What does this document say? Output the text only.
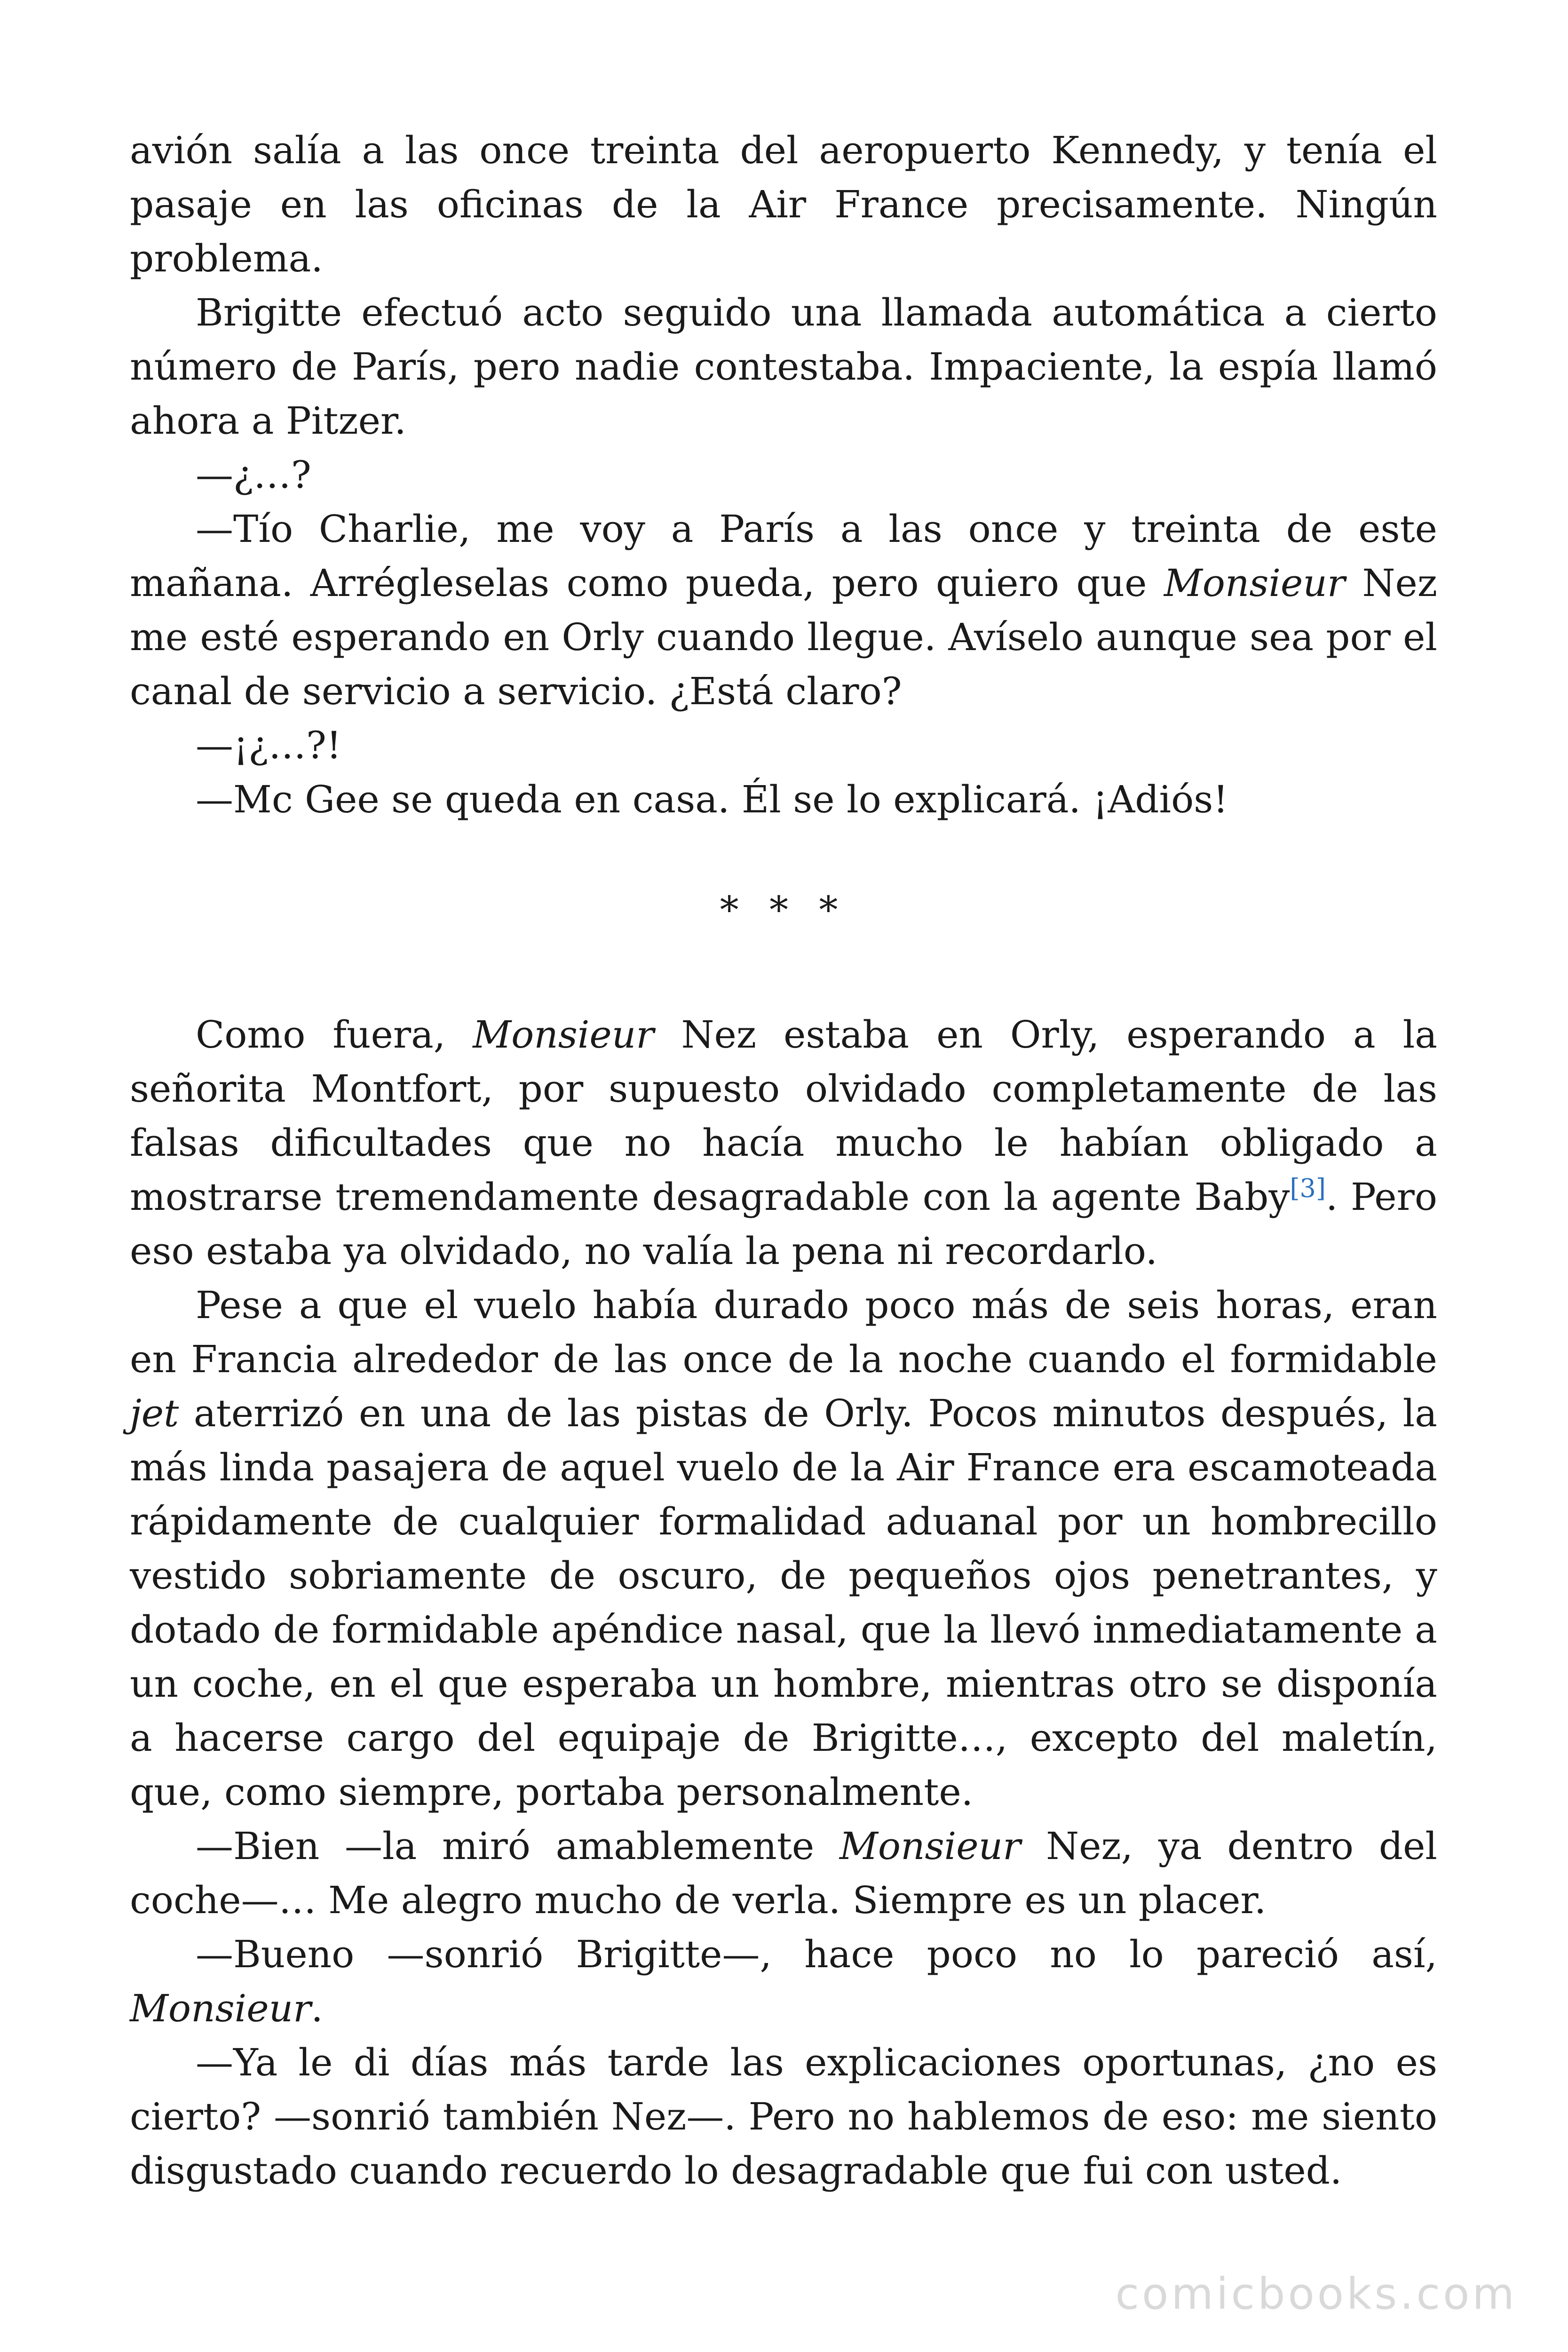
avión salía a las once treinta del aeropuerto Kennedy, y tenía el pasaje en las oficinas de la Air France precisamente. Ningún problema.

Brigitte efectuó acto seguido una llamada automática a cierto número de París, pero nadie contestaba. Impaciente, la espía llamó ahora a Pitzer.

—¿…?

—Tío Charlie, me voy a París a las once y treinta de este mañana. Arrégleselas como pueda, pero quiero que Monsieur Nez me esté esperando en Orly cuando llegue. Avíselo aunque sea por el canal de servicio a servicio. ¿Está claro?

—¡¿…?!

—Mc Gee se queda en casa. Él se lo explicará. ¡Adiós!

* * *

Como fuera, Monsieur Nez estaba en Orly, esperando a la señorita Montfort, por supuesto olvidado completamente de las falsas dificultades que no hacía mucho le habían obligado a mostrarse tremendamente desagradable con la agente Baby[3]. Pero eso estaba ya olvidado, no valía la pena ni recordarlo.

Pese a que el vuelo había durado poco más de seis horas, eran en Francia alrededor de las once de la noche cuando el formidable jet aterrizó en una de las pistas de Orly. Pocos minutos después, la más linda pasajera de aquel vuelo de la Air France era escamoteada rápidamente de cualquier formalidad aduanal por un hombrecillo vestido sobriamente de oscuro, de pequeños ojos penetrantes, y dotado de formidable apéndice nasal, que la llevó inmediatamente a un coche, en el que esperaba un hombre, mientras otro se disponía a hacerse cargo del equipaje de Brigitte…, excepto del maletín, que, como siempre, portaba personalmente.

—Bien —la miró amablemente Monsieur Nez, ya dentro del coche—… Me alegro mucho de verla. Siempre es un placer.

—Bueno —sonrió Brigitte—, hace poco no lo pareció así, Monsieur.

—Ya le di días más tarde las explicaciones oportunas, ¿no es cierto? —sonrió también Nez—. Pero no hablemos de eso: me siento disgustado cuando recuerdo lo desagradable que fui con usted.

comicbooks.com
